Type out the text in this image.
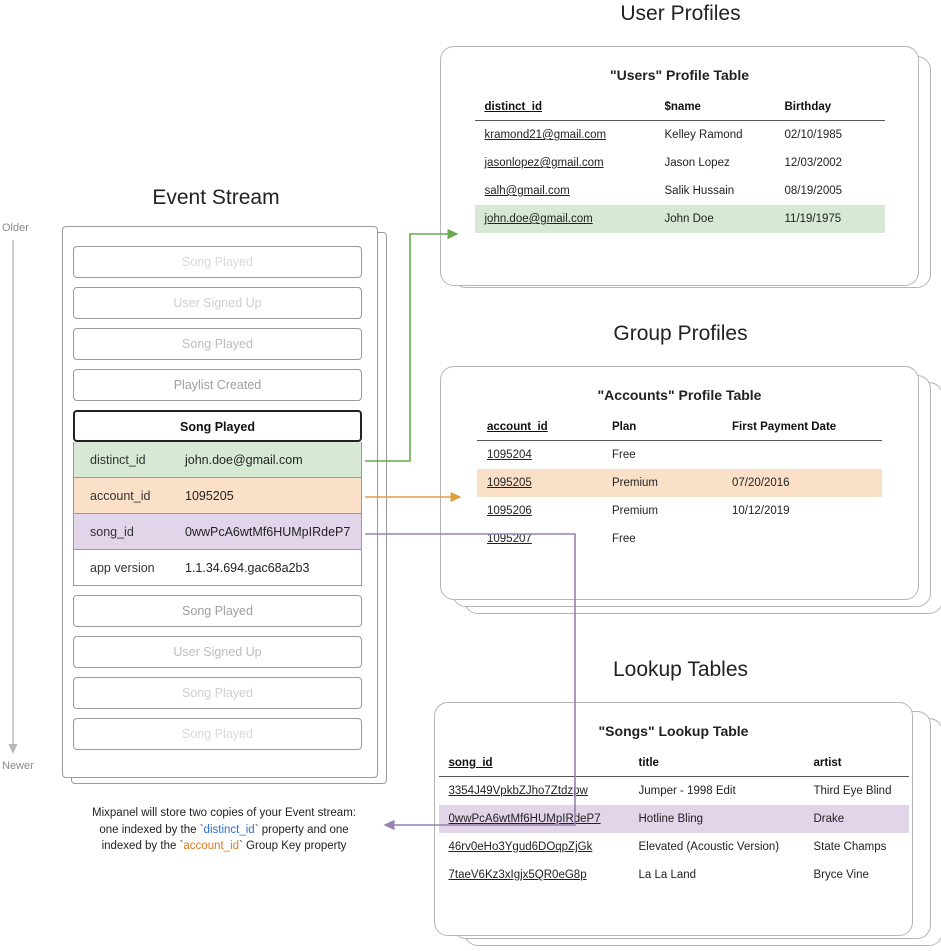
User Profiles
Group Profiles
Lookup Tables
Event Stream
Older
Newer
Song Played
User Signed Up
Song Played
Playlist Created
Song Played
distinct_id	john.doe@gmail.com
account_id	1095205
song_id	0wwPcA6wtMf6HUMpIRdeP7
app version	1.1.34.694.gac68a2b3
Song Played
User Signed Up
Song Played
Song Played
"Users" Profile Table
distinct_id	$name	Birthday
kramond21@gmail.com	Kelley Ramond	02/10/1985
jasonlopez@gmail.com	Jason Lopez	12/03/2002
salh@gmail.com	Salik Hussain	08/19/2005
john.doe@gmail.com	John Doe	11/19/1975
"Accounts" Profile Table
account_id	Plan	First Payment Date
1095204	Free	
1095205	Premium	07/20/2016
1095206	Premium	10/12/2019
1095207	Free	
"Songs" Lookup Table
song_id	title	artist
3354J49VpkbZJho7Ztdzpw	Jumper - 1998 Edit	Third Eye Blind
0wwPcA6wtMf6HUMpIRdeP7	Hotline Bling	Drake
46rv0eHo3Ygud6DOqpZjGk	Elevated (Acoustic Version)	State Champs
7taeV6Kz3xIgjx5QR0eG8p	La La Land	Bryce Vine
Mixpanel will store two copies of your Event stream:
one indexed by the `distinct_id` property and one
indexed by the `account_id` Group Key property
